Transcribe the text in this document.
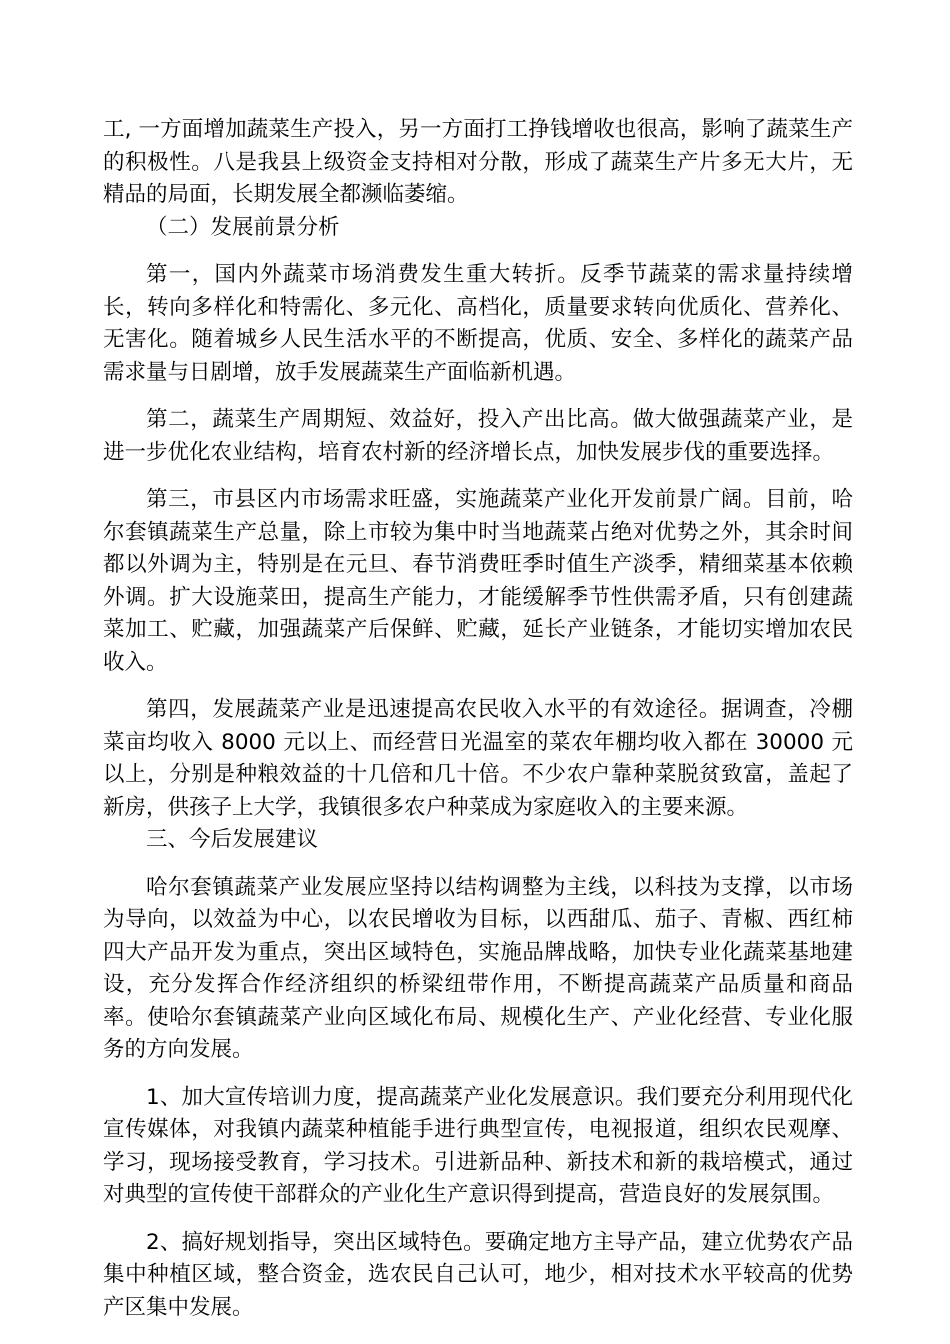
工, 一方面增加蔬菜生产投入，另一方面打工挣钱增收也很高，影响了蔬菜生产的积极性。八是我县上级资金支持相对分散，形成了蔬菜生产片多无大片，无精品的局面，长期发展全都濒临萎缩。

（二）发展前景分析

第一，国内外蔬菜市场消费发生重大转折。反季节蔬菜的需求量持续增长，转向多样化和特需化、多元化、高档化，质量要求转向优质化、营养化、无害化。随着城乡人民生活水平的不断提高，优质、安全、多样化的蔬菜产品需求量与日剧增，放手发展蔬菜生产面临新机遇。

第二，蔬菜生产周期短、效益好，投入产出比高。做大做强蔬菜产业，是进一步优化农业结构，培育农村新的经济增长点，加快发展步伐的重要选择。

第三，市县区内市场需求旺盛，实施蔬菜产业化开发前景广阔。目前，哈尔套镇蔬菜生产总量，除上市较为集中时当地蔬菜占绝对优势之外，其余时间都以外调为主，特别是在元旦、春节消费旺季时值生产淡季，精细菜基本依赖外调。扩大设施菜田，提高生产能力，才能缓解季节性供需矛盾，只有创建蔬菜加工、贮藏，加强蔬菜产后保鲜、贮藏，延长产业链条，才能切实增加农民收入。

第四，发展蔬菜产业是迅速提高农民收入水平的有效途径。据调查，冷棚菜亩均收入 8000 元以上、而经营日光温室的菜农年棚均收入都在 30000 元以上，分别是种粮效益的十几倍和几十倍。不少农户靠种菜脱贫致富，盖起了新房，供孩子上大学，我镇很多农户种菜成为家庭收入的主要来源。

三、今后发展建议

哈尔套镇蔬菜产业发展应坚持以结构调整为主线，以科技为支撑，以市场为导向，以效益为中心，以农民增收为目标，以西甜瓜、茄子、青椒、西红柿四大产品开发为重点，突出区域特色，实施品牌战略，加快专业化蔬菜基地建设，充分发挥合作经济组织的桥梁纽带作用，不断提高蔬菜产品质量和商品率。使哈尔套镇蔬菜产业向区域化布局、规模化生产、产业化经营、专业化服务的方向发展。

1、加大宣传培训力度，提高蔬菜产业化发展意识。我们要充分利用现代化宣传媒体，对我镇内蔬菜种植能手进行典型宣传，电视报道，组织农民观摩、学习，现场接受教育，学习技术。引进新品种、新技术和新的栽培模式，通过对典型的宣传使干部群众的产业化生产意识得到提高，营造良好的发展氛围。

2、搞好规划指导，突出区域特色。要确定地方主导产品，建立优势农产品集中种植区域，整合资金，选农民自己认可，地少，相对技术水平较高的优势产区集中发展。
